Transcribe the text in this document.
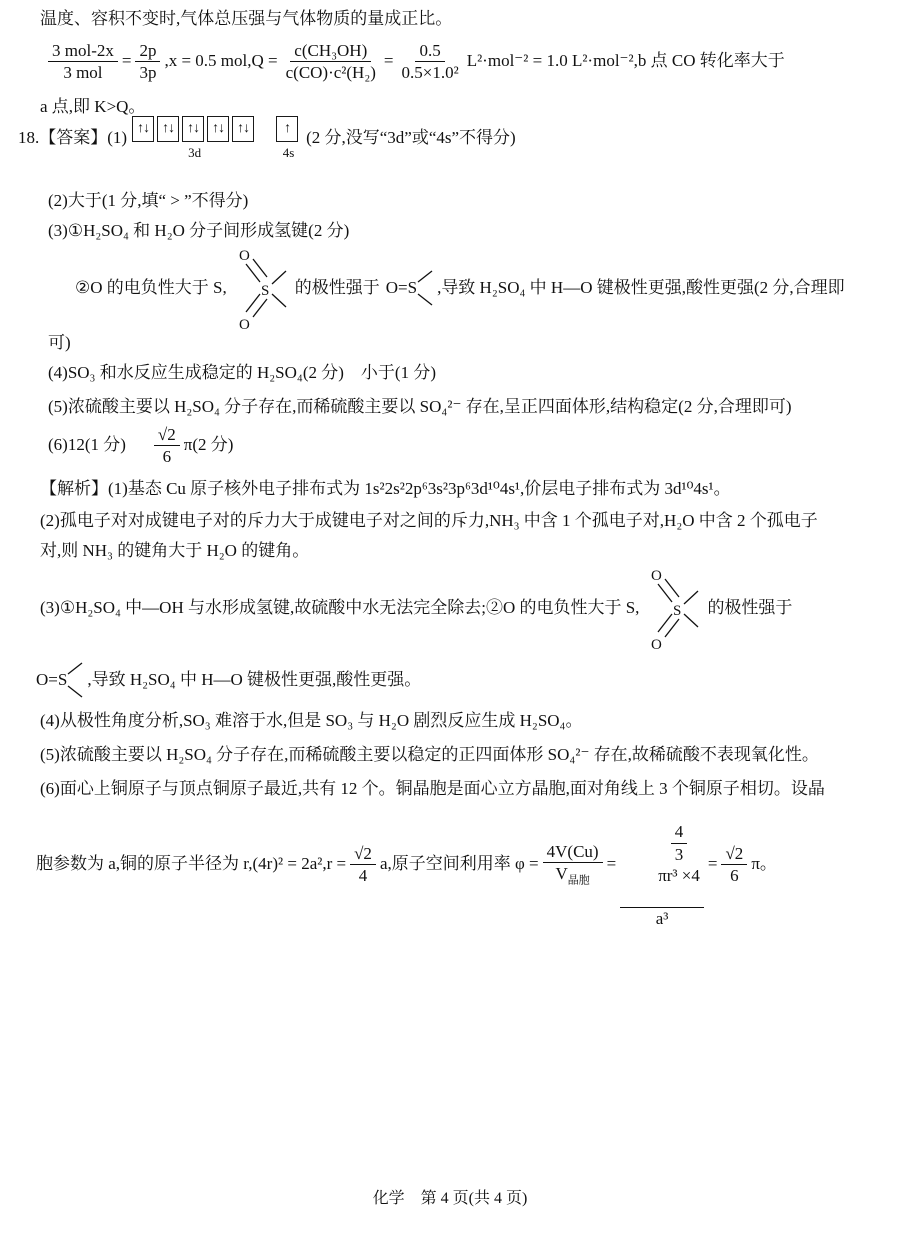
温度、容积不变时,气体总压强与气体物质的量成正比。
$\frac{\text{3 mol-2x}}{\text{3 mol}} = \frac{2p}{3p} ,x = 0.5$ $mol,Q = \frac{\text{c(CH₃OH)}}{\text{c(CO)·c²(H₂)}} = \frac{0.5}{\text{0.5×1.0²}} L^2\cdot mol^{-2} = 1.0$ L²·mol⁻²,b 点 CO 转化率大于
a 点,即 K>Q。
18. 【答案】 (1)
↑↓ ↑↓ ↑↓ ↑↓ ↑↓
3d
↑
4s
(2 分,没写“3d”或“4s”不得分)
(2)大于(1 分,填“ > ”不得分)
(3)①H₂SO₄ 和 H₂O 分子间形成氢键(2 分)
②O 的电负性大于 S,
O
S
O
的极性强于 O=S ,导致 H₂SO₄ 中 H—O 键极性更强,酸性更强(2 分,合理即
可)
(4)SO₃ 和水反应生成稳定的 H₂SO₄(2 分)    小于(1 分)
(5)浓硫酸主要以 H₂SO₄ 分子存在,而稀硫酸主要以 SO₄²⁻ 存在,呈正四面体形,结构稳定(2 分,合理即可)
(6)12(1 分) $\frac{√2}{6} \pi(2$ 分)
【解析】(1)基态 Cu 原子核外电子排布式为 1s²2s²2p⁶3s²3p⁶3d¹⁰4s¹,价层电子排布式为 3d¹⁰4s¹。
(2)孤电子对对成键电子对的斥力大于成键电子对之间的斥力,NH₃ 中含 1 个孤电子对,H₂O 中含 2 个孤电子
对,则 NH₃ 的键角大于 H₂O 的键角。
(3)①H₂SO₄ 中—OH 与水形成氢键,故硫酸中水无法完全除去;②O 的电负性大于 S,
O
S
O
的极性强于
O=S ,导致 H₂SO₄ 中 H—O 键极性更强,酸性更强。
(4)从极性角度分析,SO₃ 难溶于水,但是 SO₃ 与 H₂O 剧烈反应生成 H₂SO₄。
(5)浓硫酸主要以 H₂SO₄ 分子存在,而稀硫酸主要以稳定的正四面体形 SO₄²⁻ 存在,故稀硫酸不表现氧化性。
(6)面心上铜原子与顶点铜原子最近,共有 12 个。铜晶胞是面心立方晶胞,面对角线上 3 个铜原子相切。设晶
胞参数为 a,铜的原子半径为 $r,(4r)^2 = 2a^2,r = \frac{√2}{4} a$,原子空间利用率 $\varphi = \frac{4V(Cu)}{V_{晶胞}}$ =

$\frac{4}{3}$

πr³ ×4

$a^3 = \frac{√2}{6}$ π。
化学　第 4 页(共 4 页)
